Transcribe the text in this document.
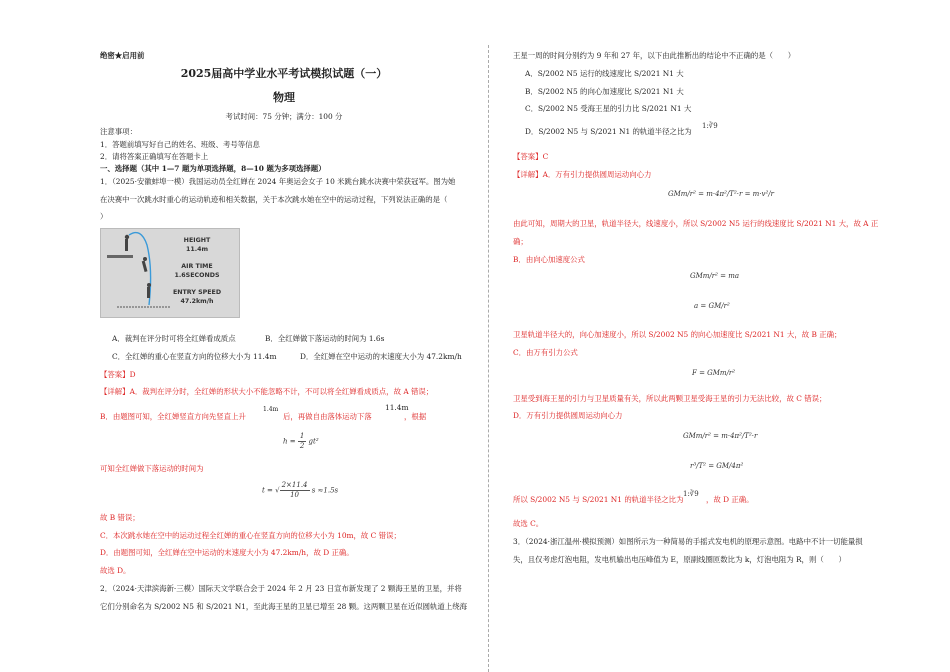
绝密★启用前
2025届高中学业水平考试模拟试题（一）
物理
考试时间：75 分钟；满分：100 分
注意事项：
1．答题前填写好自己的姓名、班级、考号等信息
2．请将答案正确填写在答题卡上
一、选择题（其中 1—7 题为单项选择题，8—10 题为多项选择题）
1．（2025·安徽蚌埠一模）我国运动员全红婵在 2024 年奥运会女子 10 米跳台跳水决赛中荣获冠军。图为她
在决赛中一次跳水时重心的运动轨迹和相关数据，关于本次跳水她在空中的运动过程，下列说法正确的是（
）
HEIGHT
11.4m
AIR TIME
1.6SECONDS
ENTRY SPEED
47.2km/h
A．裁判在评分时可将全红婵看成质点	B．全红婵做下落运动的时间为 1.6s
C．全红婵的重心在竖直方向的位移大小为 11.4m	D．全红婵在空中运动的末速度大小为 47.2km/h
【答案】D
【详解】A．裁判在评分时，全红婵的形状大小不能忽略不计，不可以将全红婵看成质点，故 A 错误；
B．由题图可知，全红婵竖直方向先竖直上升
1.4m
后，再做自由落体运动下落
11.4m
，根据
$h = \frac{1}{2} gt^2$
可知全红婵做下落运动的时间为
t = √ $\frac{2\times 11.4}{10}$ s ≈1.5s
故 B 错误；
C．本次跳水她在空中的运动过程全红婵的重心在竖直方向的位移大小为 10m，故 C 错误；
D．由题图可知，全红婵在空中运动的末速度大小为 47.2km/h，故 D 正确。
故选 D。
2．（2024·天津滨海新·三模）国际天文学联合会于 2024 年 2 月 23 日宣布新发现了 2 颗海王星的卫星，并将
它们分别命名为 S/2002 N5 和 S/2021 N1，至此海王星的卫星已增至 28 颗。这两颗卫星在近似圆轨道上绕海
王星一周的时间分别约为 9 年和 27 年，以下由此推断出的结论中不正确的是（　　）
A．S/2002 N5 运行的线速度比 S/2021 N1 大
B．S/2002 N5 的向心加速度比 S/2021 N1 大
C．S/2002 N5 受海王星的引力比 S/2021 N1 大
D．S/2002 N5 与 S/2021 N1 的轨道半径之比为
1:∛9
【答案】C
【详解】A．万有引力提供圆周运动向心力
GMm/r² = m·4π²/T²·r = m·v²/r
由此可知，周期大的卫星，轨道半径大，线速度小，所以 S/2002 N5 运行的线速度比 S/2021 N1 大，故 A 正
确；
B．由向心加速度公式
GMm/r² = ma
a = GM/r²
卫星轨道半径大的，向心加速度小，所以 S/2002 N5 的向心加速度比 S/2021 N1 大，故 B 正确；
C．由万有引力公式
F = GMm/r²
卫星受到海王星的引力与卫星质量有关，所以此两颗卫星受海王星的引力无法比较，故 C 错误；
D．万有引力提供圆周运动向心力
GMm/r² = m·4π²/T²·r
r³/T² = GM/4π²
所以 S/2002 N5 与 S/2021 N1 的轨道半径之比为
1:∛9
，故 D 正确。
故选 C。
3．（2024·浙江温州·模拟预测）如图所示为一种简易的手摇式发电机的原理示意图。电路中不计一切能量损
失，且仅考虑灯泡电阻，发电机输出电压峰值为 E，原副线圈匝数比为 k，灯泡电阻为 R，则（　　）
